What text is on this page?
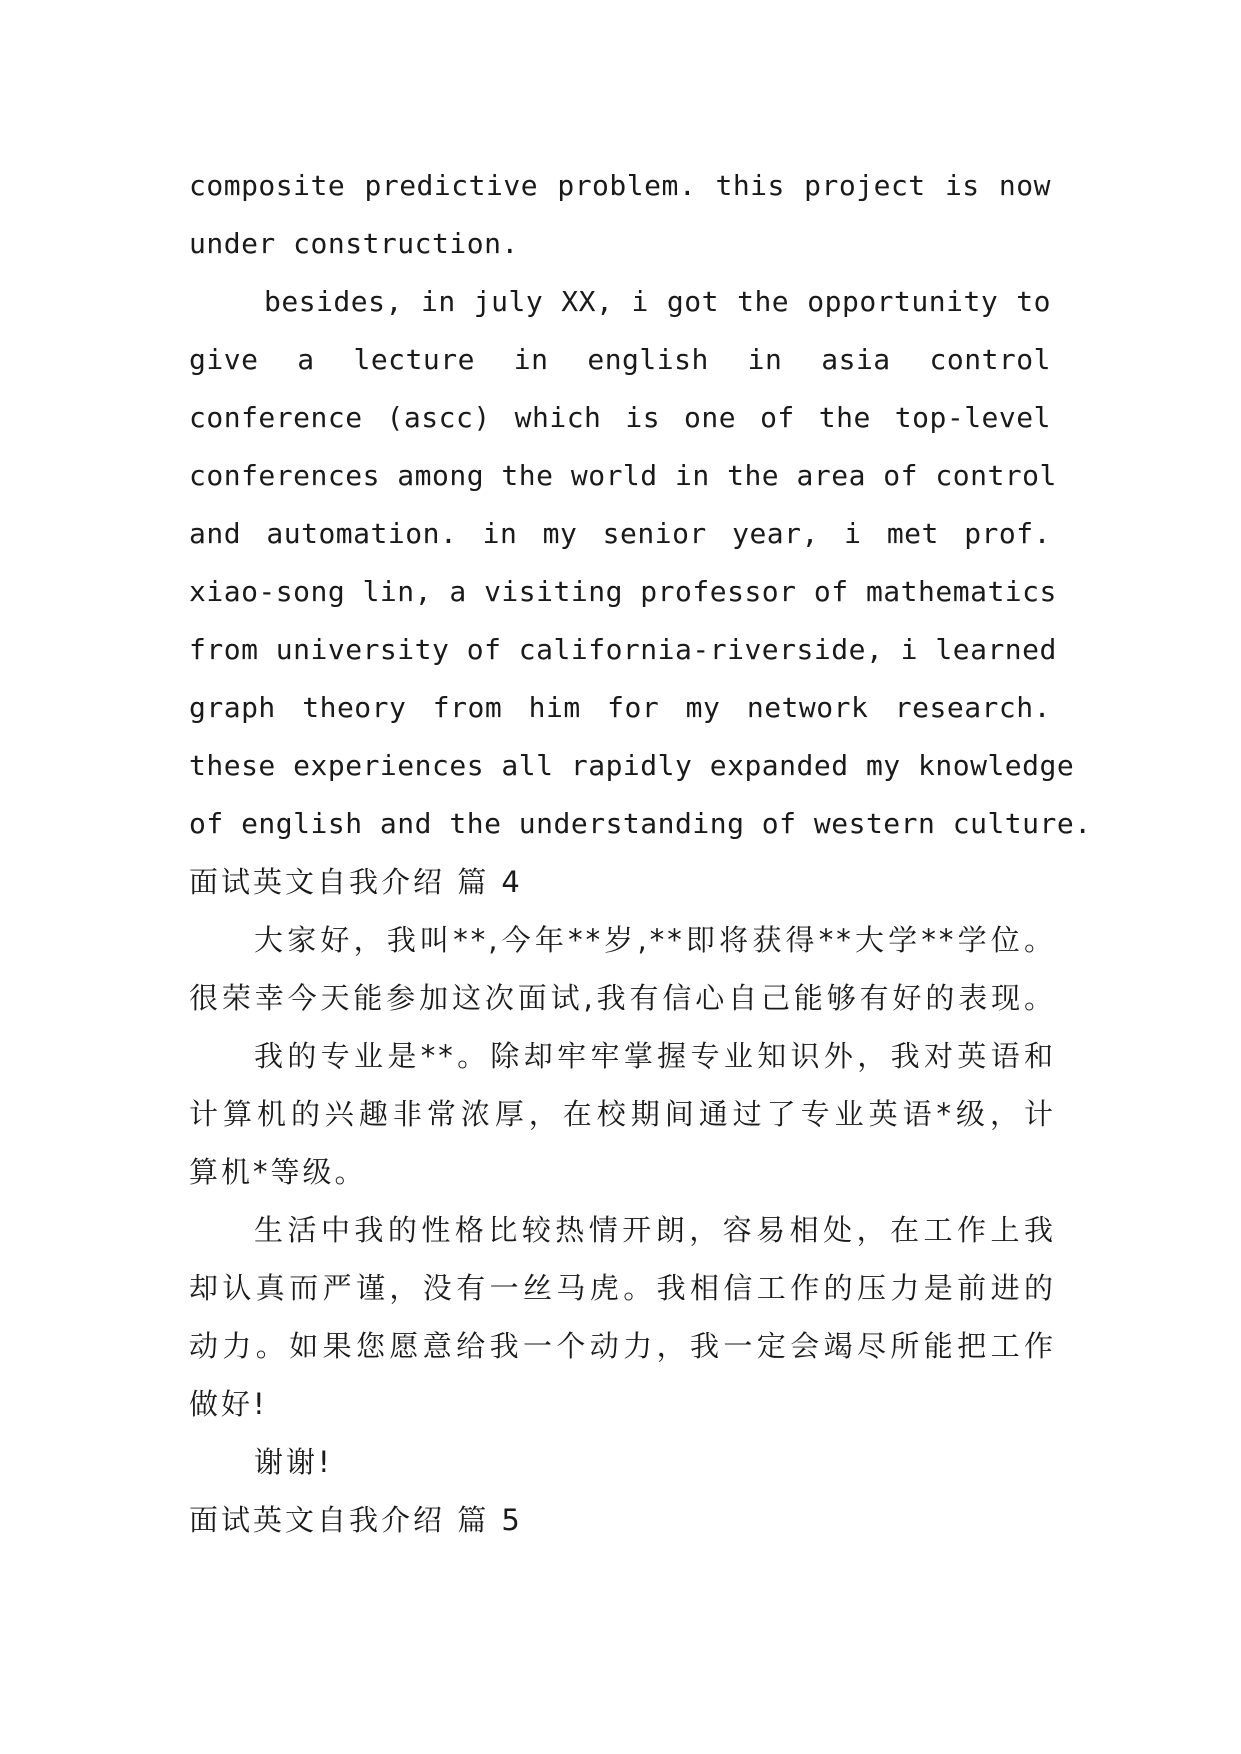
composite predictive problem. this project is now
under construction.
besides, in july XX, i got the opportunity to
give a lecture in english in asia control
conference (ascc) which is one of the top-level
conferences among the world in the area of control
and automation. in my senior year, i met prof.
xiao-song lin, a visiting professor of mathematics
from university of california-riverside, i learned
graph theory from him for my network research.
these experiences all rapidly expanded my knowledge
of english and the understanding of western culture.
面试英文自我介绍 篇 4
大家好，我叫**,今年**岁,**即将获得**大学**学位。
很荣幸今天能参加这次面试,我有信心自己能够有好的表现。
我的专业是**。除却牢牢掌握专业知识外，我对英语和
计算机的兴趣非常浓厚，在校期间通过了专业英语*级，计
算机*等级。
生活中我的性格比较热情开朗，容易相处，在工作上我
却认真而严谨，没有一丝马虎。我相信工作的压力是前进的
动力。如果您愿意给我一个动力，我一定会竭尽所能把工作
做好!
谢谢!
面试英文自我介绍 篇 5
